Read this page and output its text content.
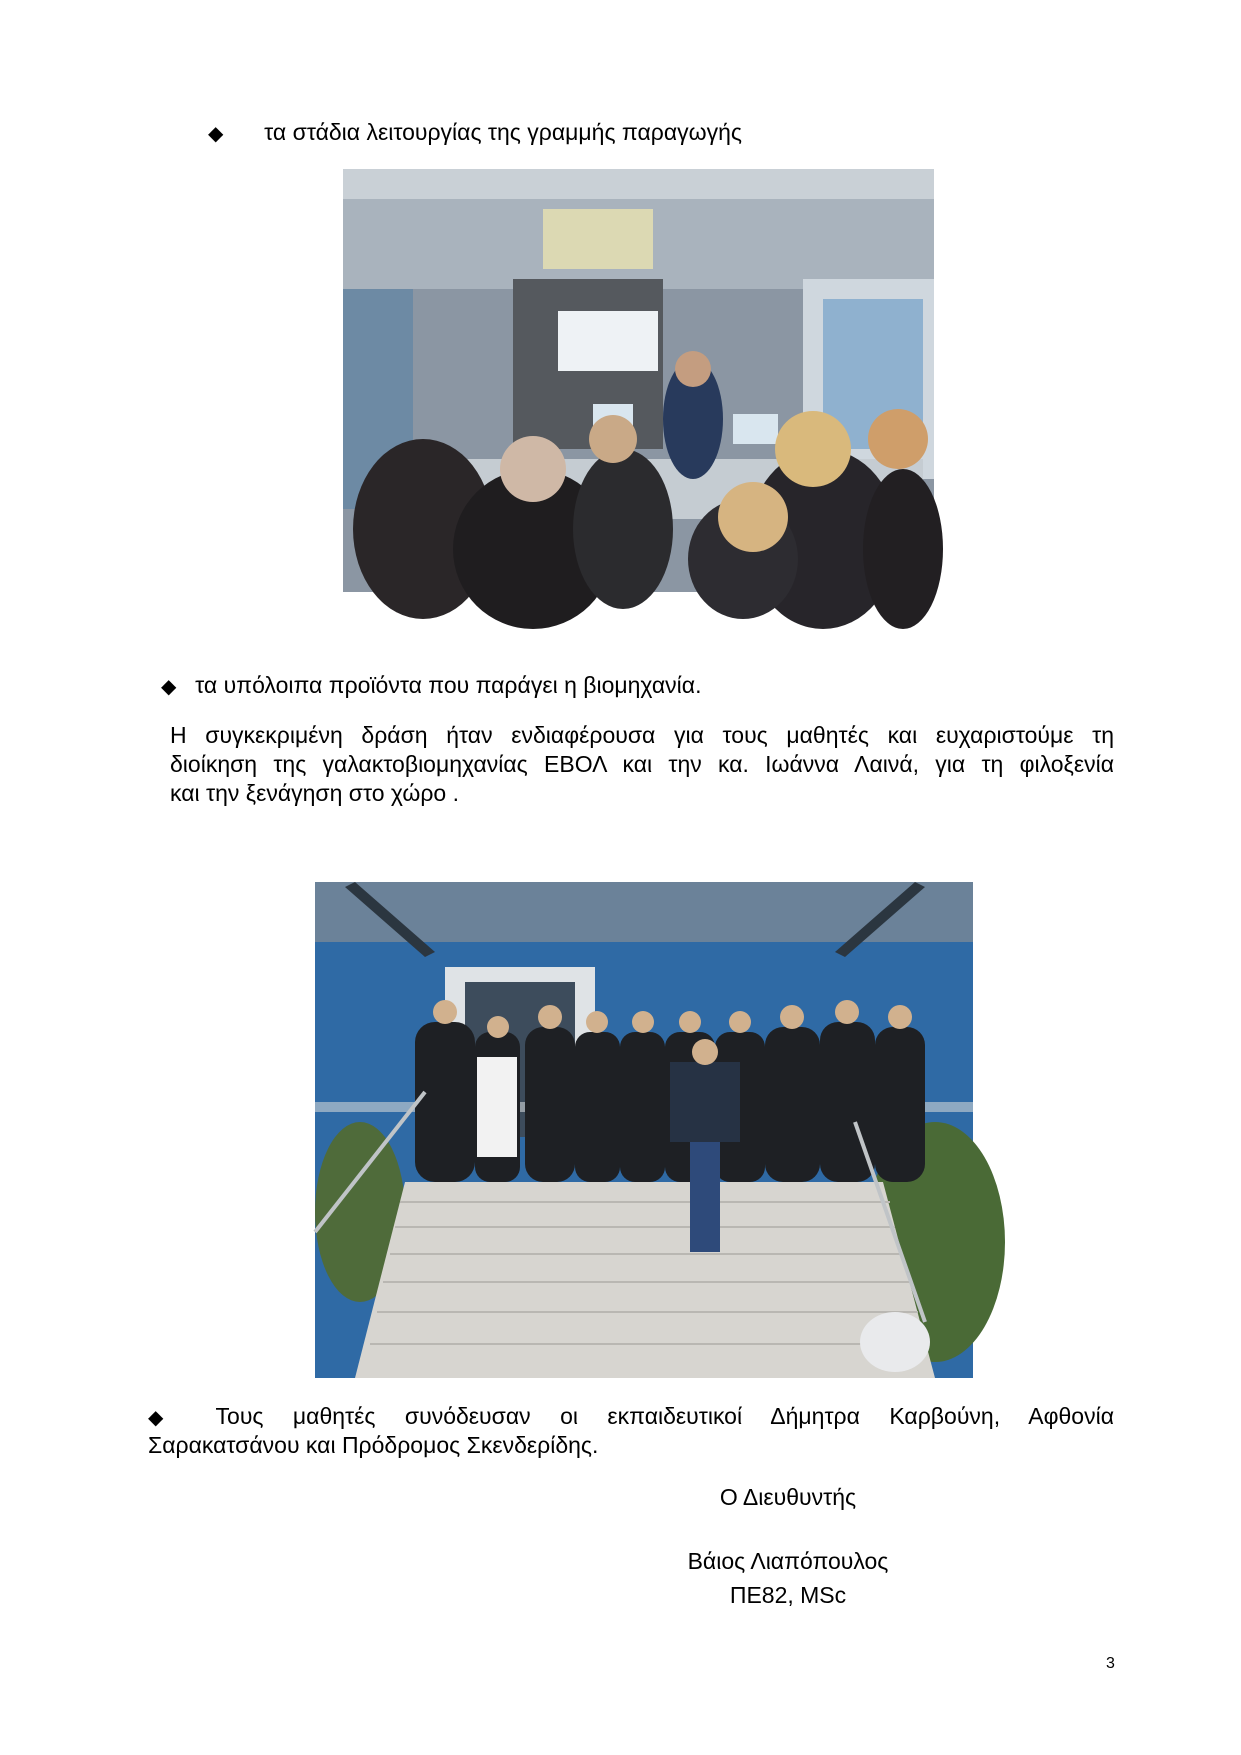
◆ τα στάδια λειτουργίας της γραμμής παραγωγής
◆ τα υπόλοιπα προϊόντα που παράγει η βιομηχανία.
Η συγκεκριμένη δράση ήταν ενδιαφέρουσα για τους μαθητές και ευχαριστούμε τη
διοίκηση της γαλακτοβιομηχανίας ΕΒΟΛ και την κα. Ιωάννα Λαινά, για τη φιλοξενία
και την ξενάγηση στο χώρο .
◆ Τους μαθητές συνόδευσαν οι εκπαιδευτικοί Δήμητρα Καρβούνη, Αφθονία
Σαρακατσάνου και Πρόδρομος Σκενδερίδης.
Ο Διευθυντής
Βάιος Λιαπόπουλος
ΠΕ82, MSc
3
